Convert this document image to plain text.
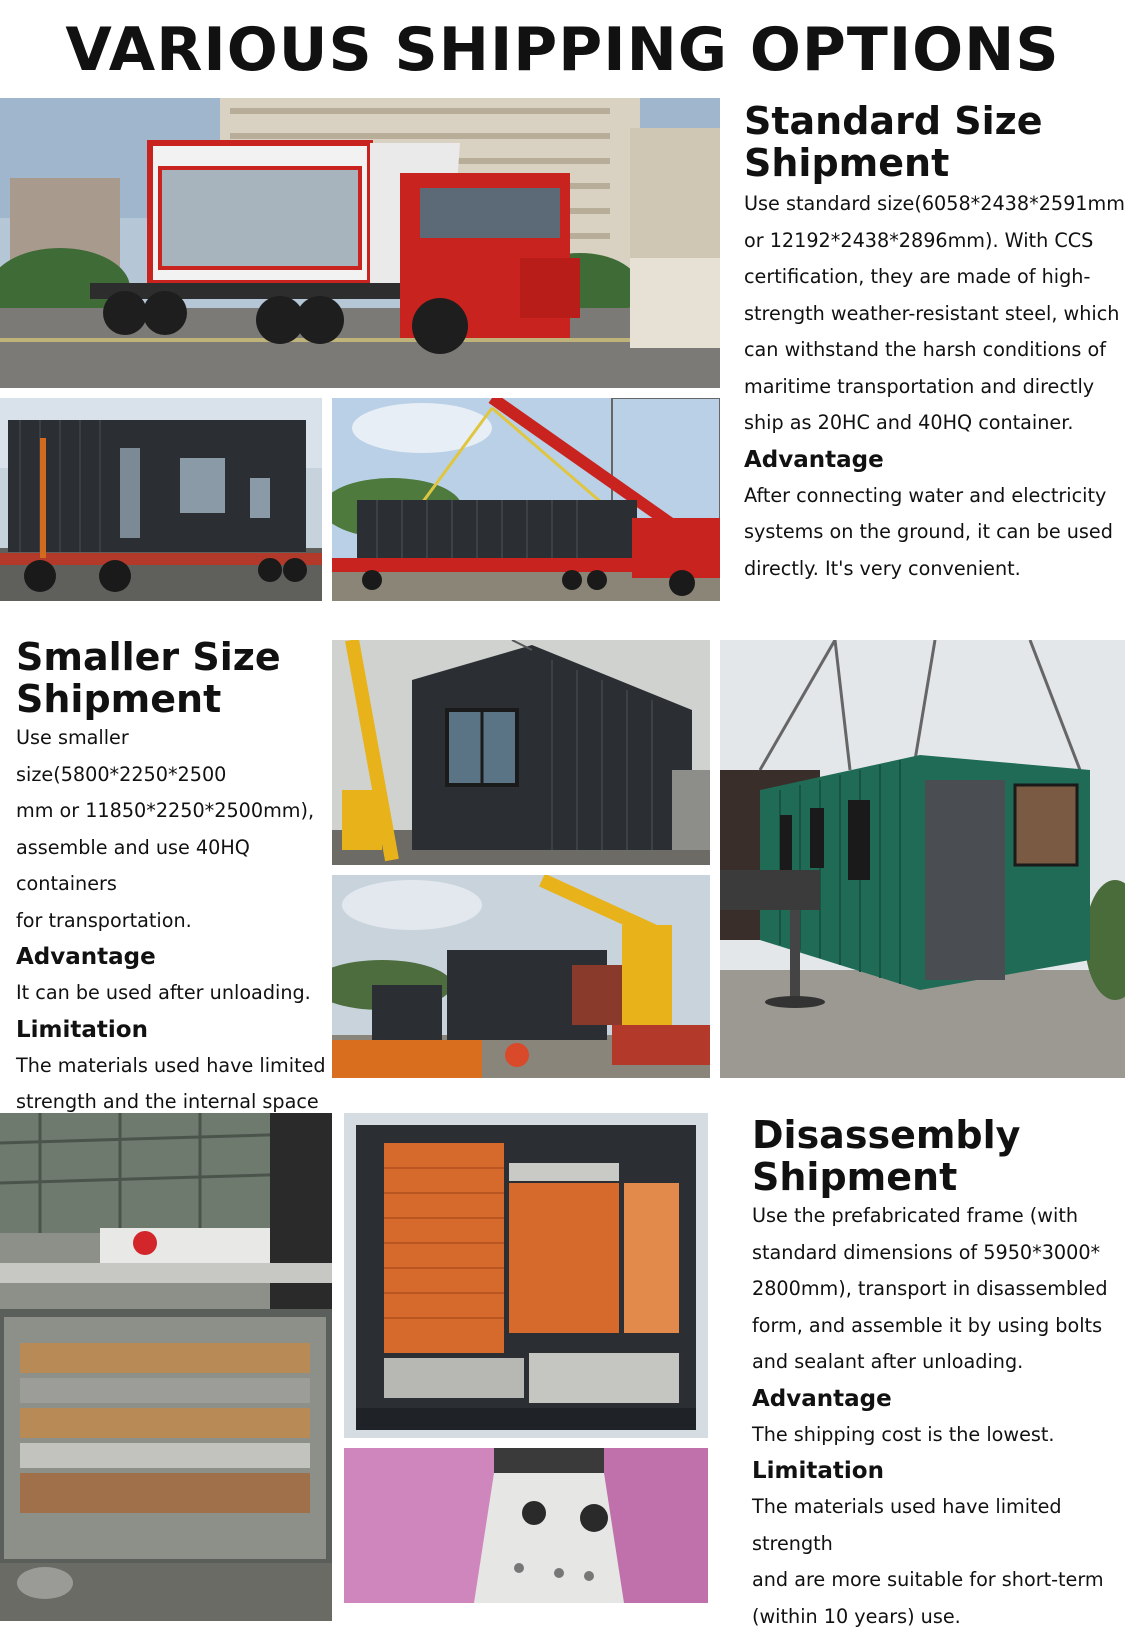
VARIOUS SHIPPING OPTIONS
Standard Size
Shipment
Use standard size(6058*2438*2591mm
or 12192*2438*2896mm). With CCS
certification, they are made of high-
strength weather-resistant steel, which
can withstand the harsh conditions of
maritime transportation and directly
ship as 20HC and 40HQ container.
Advantage
After connecting water and electricity
systems on the ground, it can be used
directly. It's very convenient.
Smaller Size
Shipment
Use smaller size(5800*2250*2500
mm or 11850*2250*2500mm),
assemble and use 40HQ containers
for transportation.
Advantage
It can be used after unloading.
Limitation
The materials used have limited
strength and the internal space
Disassembly
Shipment
Use the prefabricated frame (with
standard dimensions of 5950*3000*
2800mm), transport in disassembled
form, and assemble it by using bolts
and sealant after unloading.
Advantage
The shipping cost is the lowest.
Limitation
The materials used have limited strength
and are more suitable for short-term
(within 10 years) use.
